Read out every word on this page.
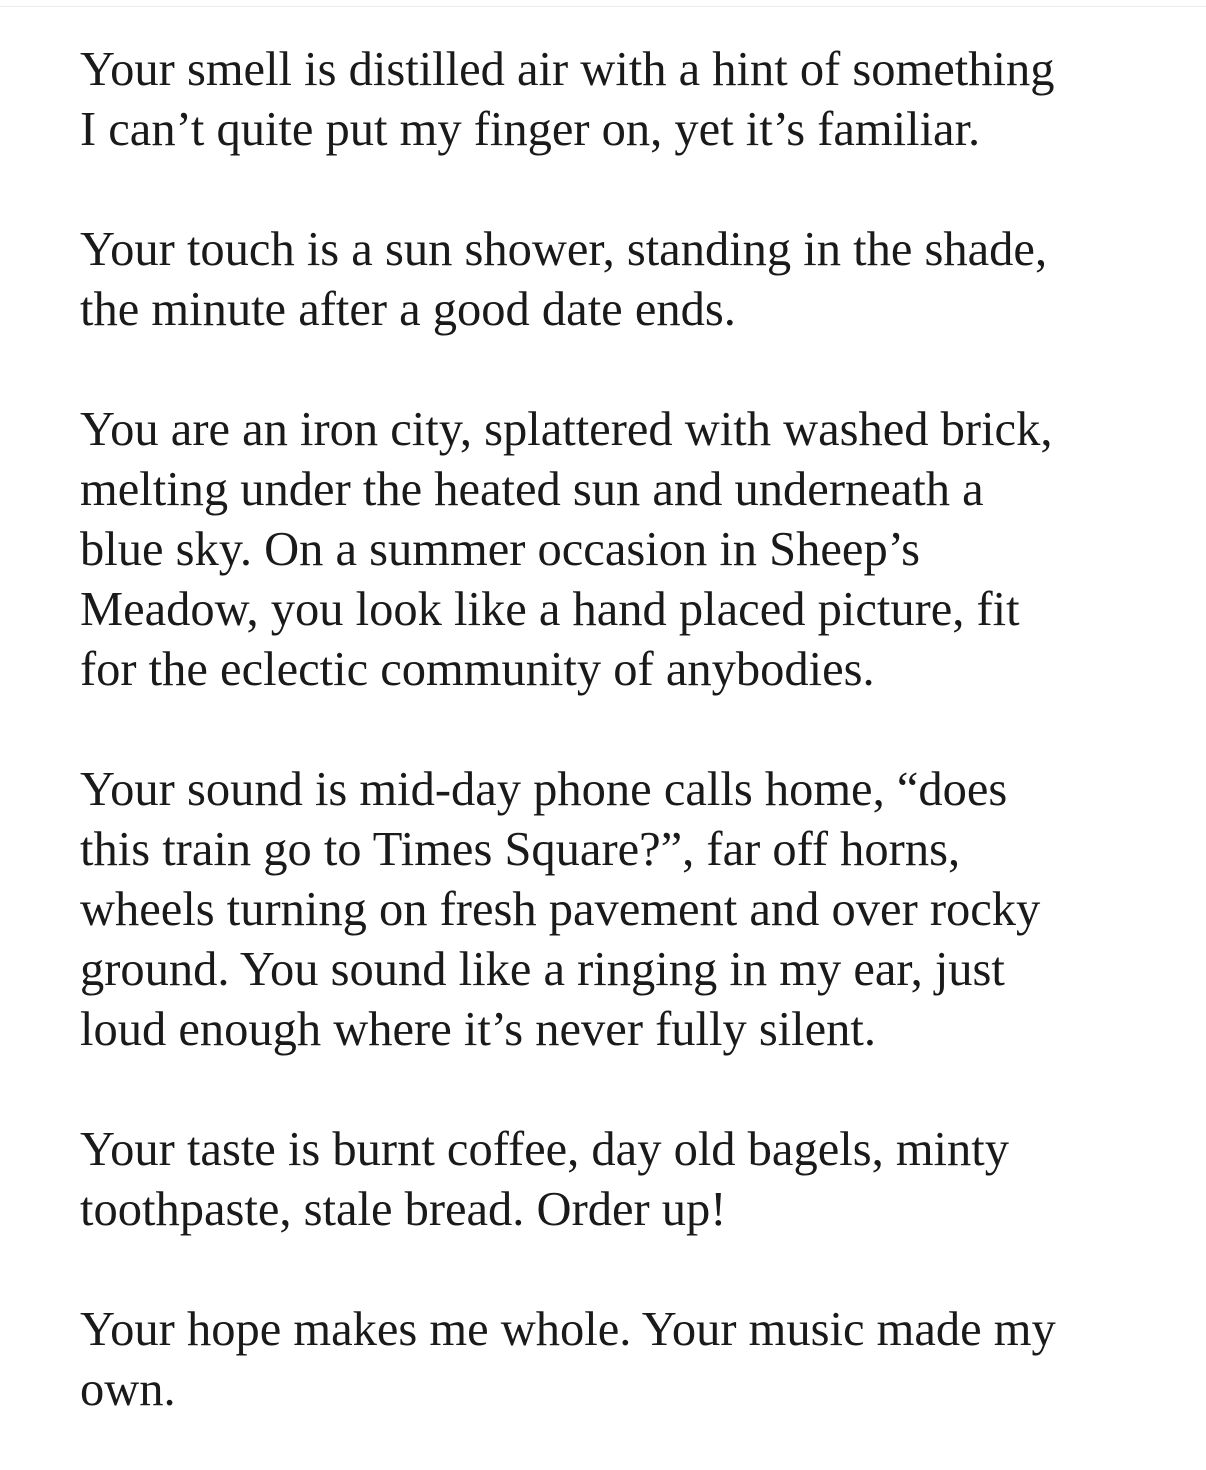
Your smell is distilled air with a hint of something
I can’t quite put my finger on, yet it’s familiar.
Your touch is a sun shower, standing in the shade,
the minute after a good date ends.
You are an iron city, splattered with washed brick,
melting under the heated sun and underneath a
blue sky. On a summer occasion in Sheep’s
Meadow, you look like a hand placed picture, fit
for the eclectic community of anybodies.
Your sound is mid-day phone calls home, “does
this train go to Times Square?”, far off horns,
wheels turning on fresh pavement and over rocky
ground. You sound like a ringing in my ear, just
loud enough where it’s never fully silent.
Your taste is burnt coffee, day old bagels, minty
toothpaste, stale bread. Order up!
Your hope makes me whole. Your music made my
own.
